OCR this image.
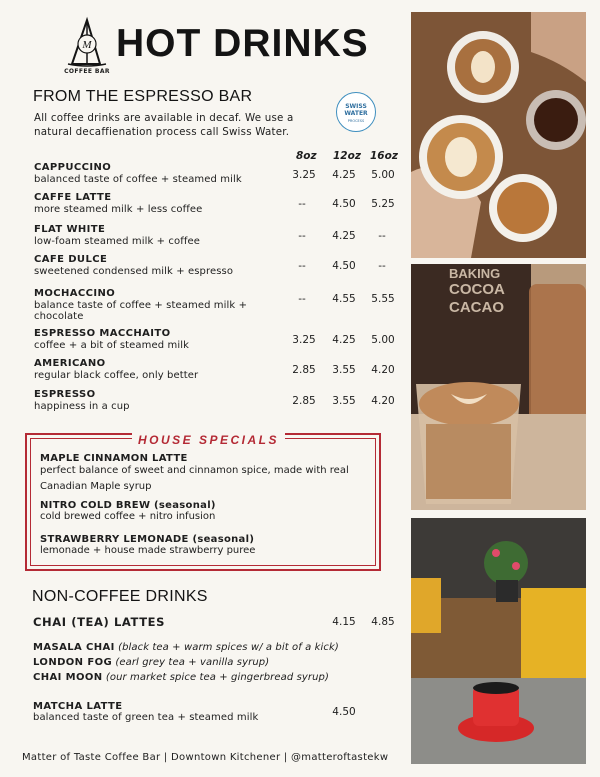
M
COFFEE BAR
HOT DRINKS
FROM THE ESPRESSO BAR
All coffee drinks are available in decaf. We use a natural decaffienation process call Swiss Water.
SWISS
WATER
PROCESS
8oz 12oz 16oz
CAPPUCCINO
balanced taste of coffee + steamed milk	3.25	4.25	5.00
CAFFE LATTE
more steamed milk + less coffee	--	4.50	5.25
FLAT WHITE
low-foam steamed milk + coffee	--	4.25	--
CAFE DULCE
sweetened condensed milk + espresso	--	4.50	--
MOCHACCINO
balance taste of coffee + steamed milk +
chocolate
--	4.55	5.55
ESPRESSO MACCHAITO
coffee + a bit of steamed milk	3.25	4.25	5.00
AMERICANO
regular black coffee, only better	2.85	3.55	4.20
ESPRESSO
happiness in a cup	2.85	3.55	4.20
HOUSE SPECIALS
MAPLE CINNAMON LATTE
perfect balance of sweet and cinnamon spice, made with real
Canadian Maple syrup
NITRO COLD BREW (seasonal)
cold brewed coffee + nitro infusion
STRAWBERRY LEMONADE (seasonal)
lemonade + house made strawberry puree
NON-COFFEE DRINKS
CHAI (TEA) LATTES	4.15	4.85
MASALA CHAI (black tea + warm spices w/ a bit of a kick)
LONDON FOG (earl grey tea + vanilla syrup)
CHAI MOON (our market spice tea + gingerbread syrup)
MATCHA LATTE
balanced taste of green tea + steamed milk	4.50
Matter of Taste Coffee Bar | Downtown Kitchener | @matteroftastekw
BAKING
COCOA
CACAO
